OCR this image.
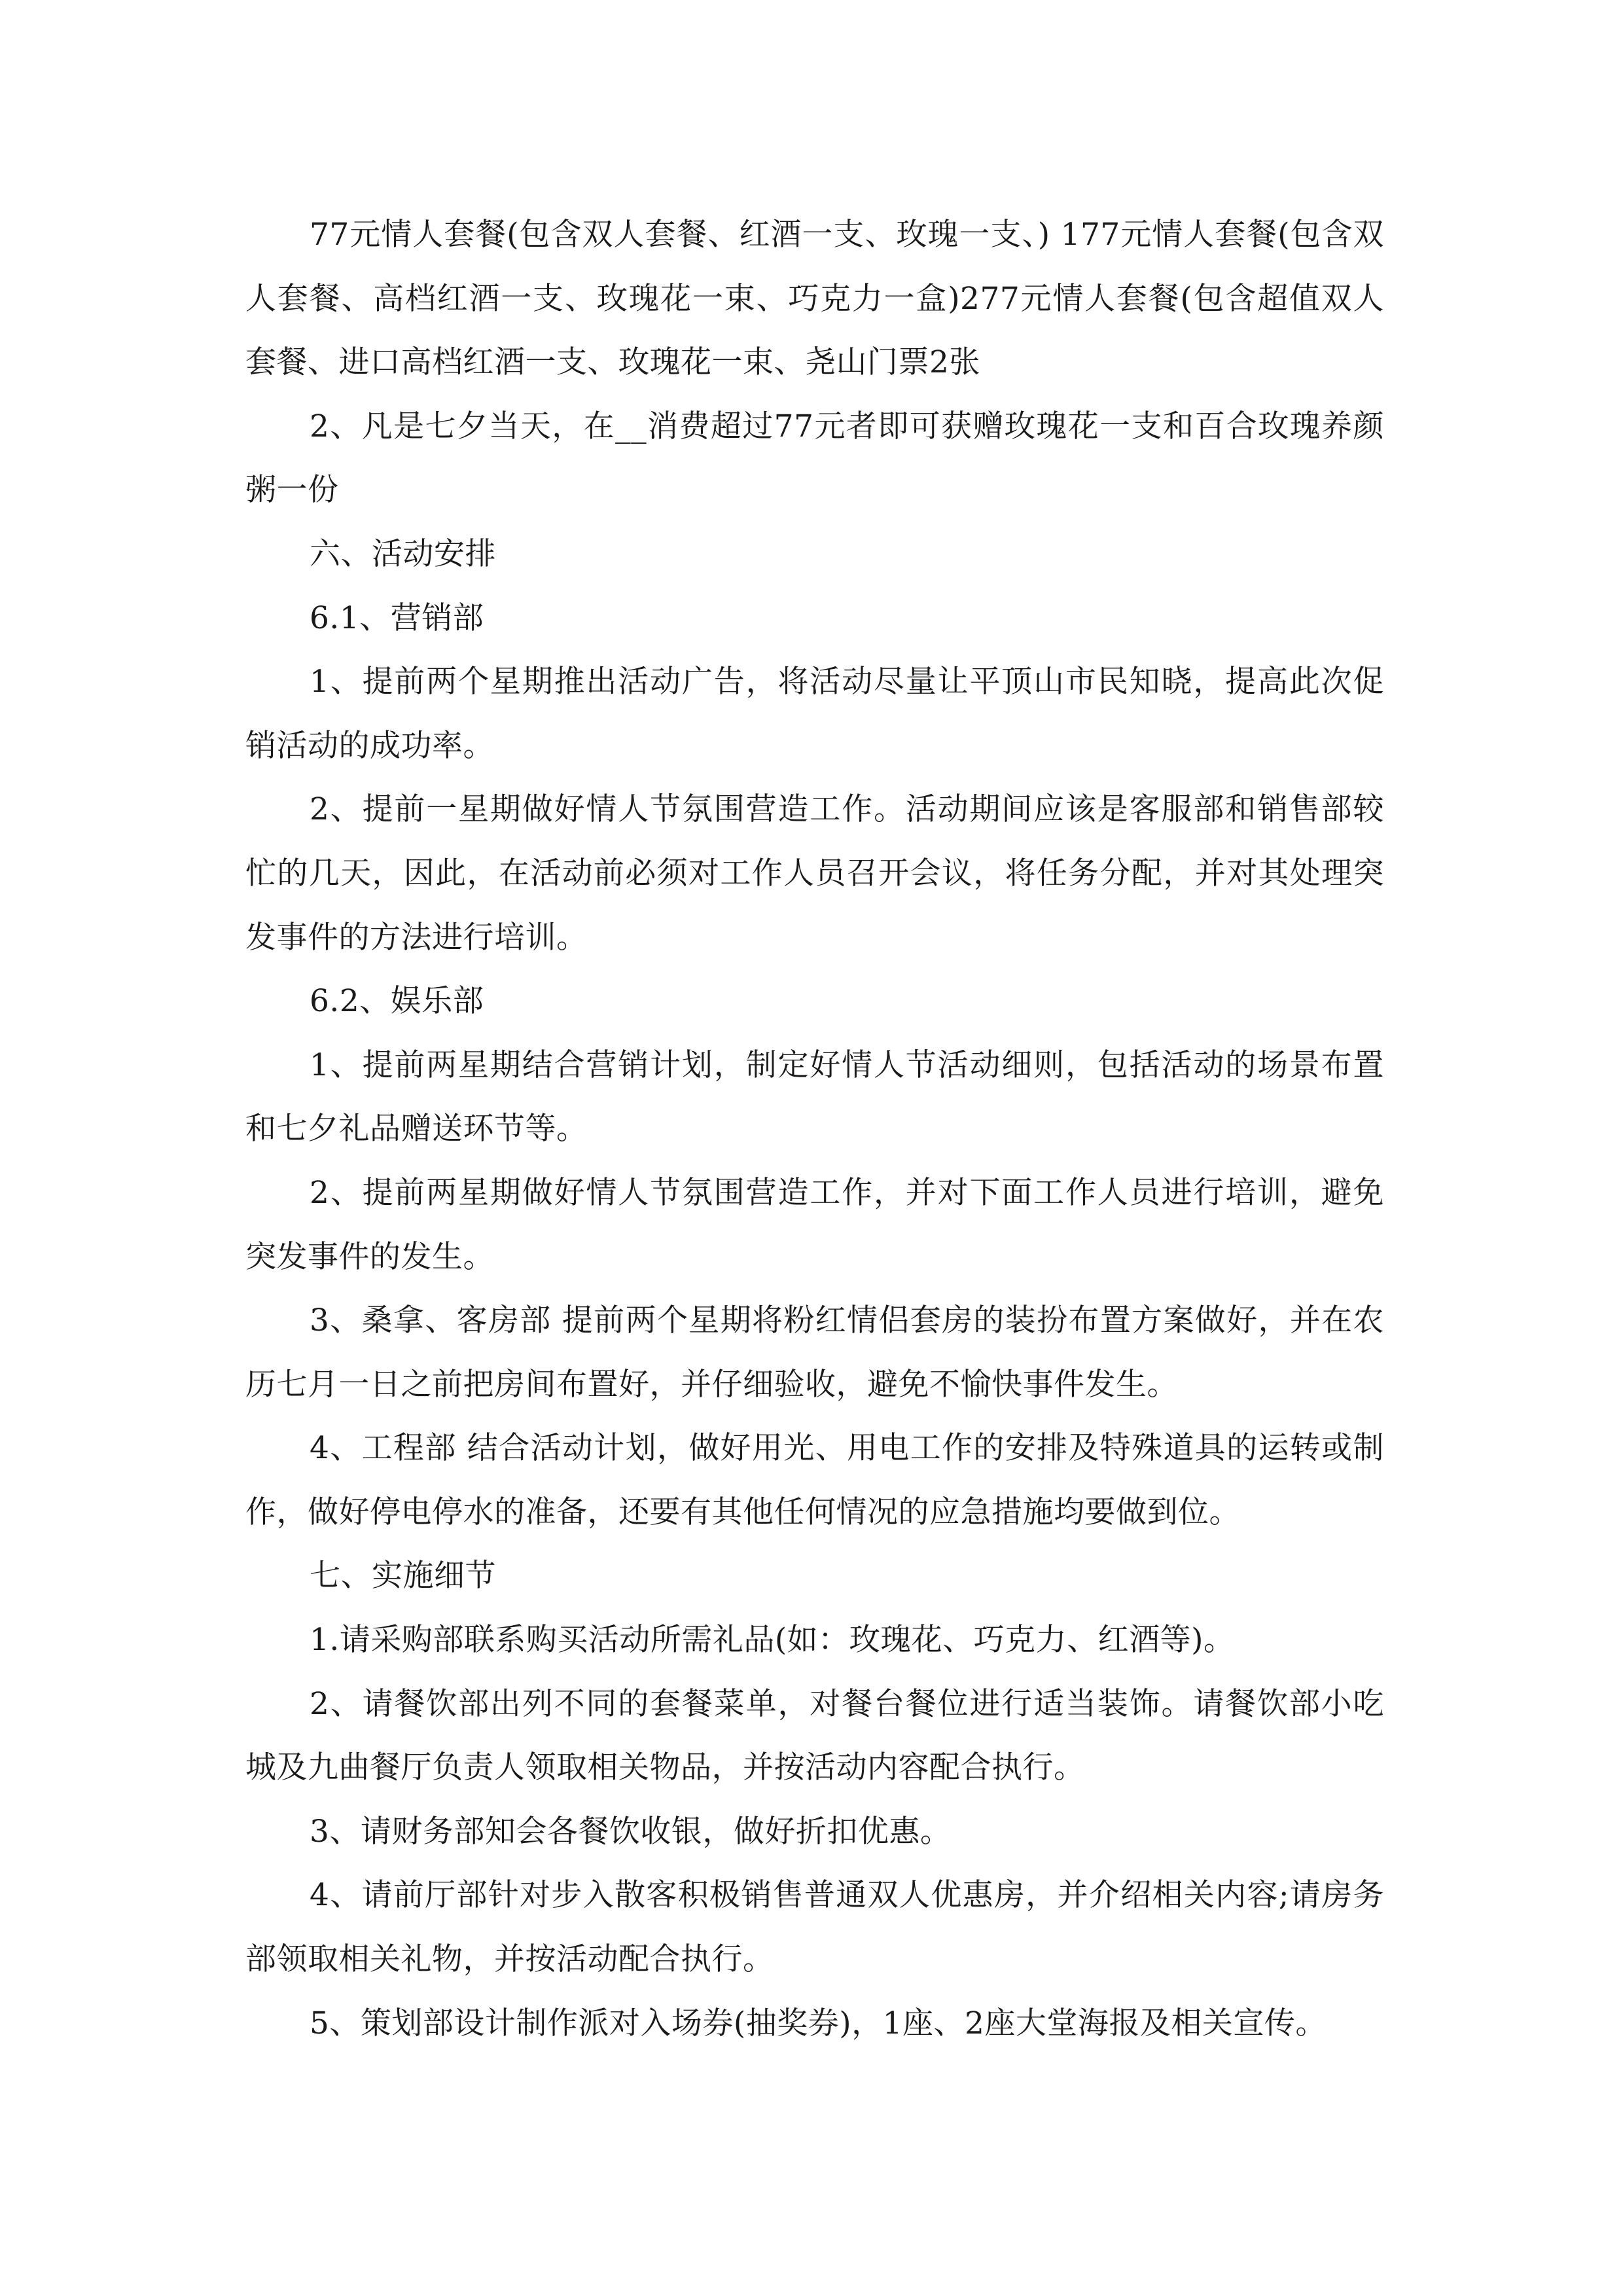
77元情人套餐(包含双人套餐、红酒一支、玫瑰一支、) 177元情人套餐(包含双人套餐、高档红酒一支、玫瑰花一束、巧克力一盒)277元情人套餐(包含超值双人套餐、进口高档红酒一支、玫瑰花一束、尧山门票2张

2、凡是七夕当天，在__消费超过77元者即可获赠玫瑰花一支和百合玫瑰养颜粥一份

六、活动安排

6.1、营销部

1、提前两个星期推出活动广告，将活动尽量让平顶山市民知晓，提高此次促销活动的成功率。

2、提前一星期做好情人节氛围营造工作。活动期间应该是客服部和销售部较忙的几天，因此，在活动前必须对工作人员召开会议，将任务分配，并对其处理突发事件的方法进行培训。

6.2、娱乐部

1、提前两星期结合营销计划，制定好情人节活动细则，包括活动的场景布置和七夕礼品赠送环节等。

2、提前两星期做好情人节氛围营造工作，并对下面工作人员进行培训，避免突发事件的发生。

3、桑拿、客房部 提前两个星期将粉红情侣套房的装扮布置方案做好，并在农历七月一日之前把房间布置好，并仔细验收，避免不愉快事件发生。

4、工程部 结合活动计划，做好用光、用电工作的安排及特殊道具的运转或制作，做好停电停水的准备，还要有其他任何情况的应急措施均要做到位。

七、实施细节

1.请采购部联系购买活动所需礼品(如：玫瑰花、巧克力、红酒等)。

2、请餐饮部出列不同的套餐菜单，对餐台餐位进行适当装饰。请餐饮部小吃城及九曲餐厅负责人领取相关物品，并按活动内容配合执行。

3、请财务部知会各餐饮收银，做好折扣优惠。

4、请前厅部针对步入散客积极销售普通双人优惠房，并介绍相关内容;请房务部领取相关礼物，并按活动配合执行。

5、策划部设计制作派对入场券(抽奖券)，1座、2座大堂海报及相关宣传。
